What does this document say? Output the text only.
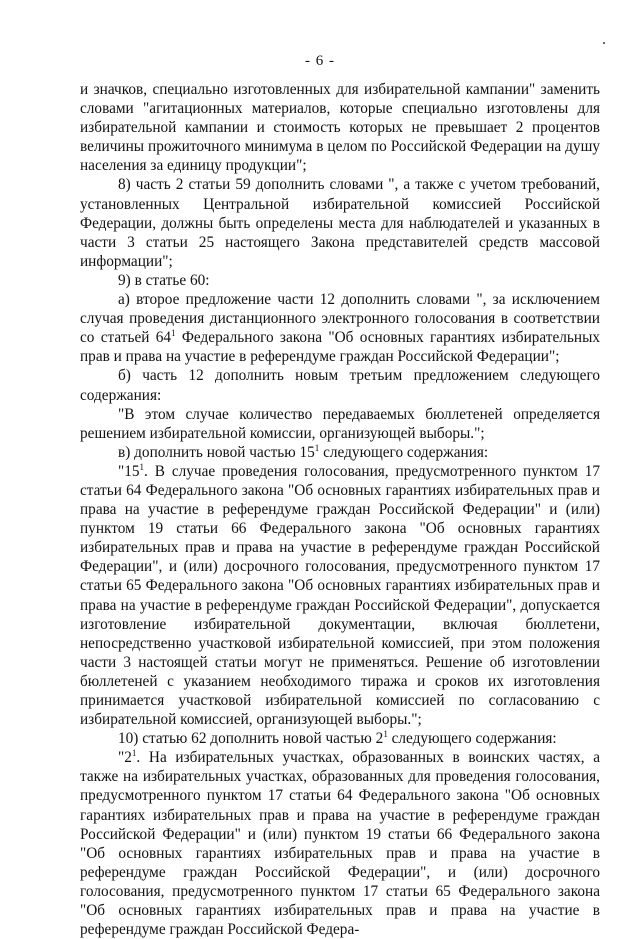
- 6 -

и значков, специально изготовленных для избирательной кампании" заменить словами "агитационных материалов, которые специально изготовлены для избирательной кампании и стоимость которых не превышает 2 процентов величины прожиточного минимума в целом по Российской Федерации на душу населения за единицу продукции";

8) часть 2 статьи 59 дополнить словами ", а также с учетом требований, установленных Центральной избирательной комиссией Российской Федерации, должны быть определены места для наблюдателей и указанных в части 3 статьи 25 настоящего Закона представителей средств массовой информации";

9) в статье 60:

а) второе предложение части 12 дополнить словами ", за исключением случая проведения дистанционного электронного голосования в соответствии со статьей $64^1$ Федерального закона "Об основных гарантиях избирательных прав и права на участие в референдуме граждан Российской Федерации";

б) часть 12 дополнить новым третьим предложением следующего содержания:

"В этом случае количество передаваемых бюллетеней определяется решением избирательной комиссии, организующей выборы.";

в) дополнить новой частью $15^1$ следующего содержания:

"$15^1$. В случае проведения голосования, предусмотренного пунктом 17 статьи 64 Федерального закона "Об основных гарантиях избирательных прав и права на участие в референдуме граждан Российской Федерации" и (или) пунктом 19 статьи 66 Федерального закона "Об основных гарантиях избирательных прав и права на участие в референдуме граждан Российской Федерации", и (или) досрочного голосования, предусмотренного пунктом 17 статьи 65 Федерального закона "Об основных гарантиях избирательных прав и права на участие в референдуме граждан Российской Федерации", допускается изготовление избирательной документации, включая бюллетени, непосредственно участковой избирательной комиссией, при этом положения части 3 настоящей статьи могут не применяться. Решение об изготовлении бюллетеней с указанием необходимого тиража и сроков их изготовления принимается участковой избирательной комиссией по согласованию с избирательной комиссией, организующей выборы.";

10) статью 62 дополнить новой частью $2^1$ следующего содержания:

"$2^1$. На избирательных участках, образованных в воинских частях, а также на избирательных участках, образованных для проведения голосования, предусмотренного пунктом 17 статьи 64 Федерального закона "Об основных гарантиях избирательных прав и права на участие в референдуме граждан Российской Федерации" и (или) пунктом 19 статьи 66 Федерального закона "Об основных гарантиях избирательных прав и права на участие в референдуме граждан Российской Федерации", и (или) досрочного голосования, предусмотренного пунктом 17 статьи 65 Федерального закона "Об основных гарантиях избирательных прав и права на участие в референдуме граждан Российской Федера-
